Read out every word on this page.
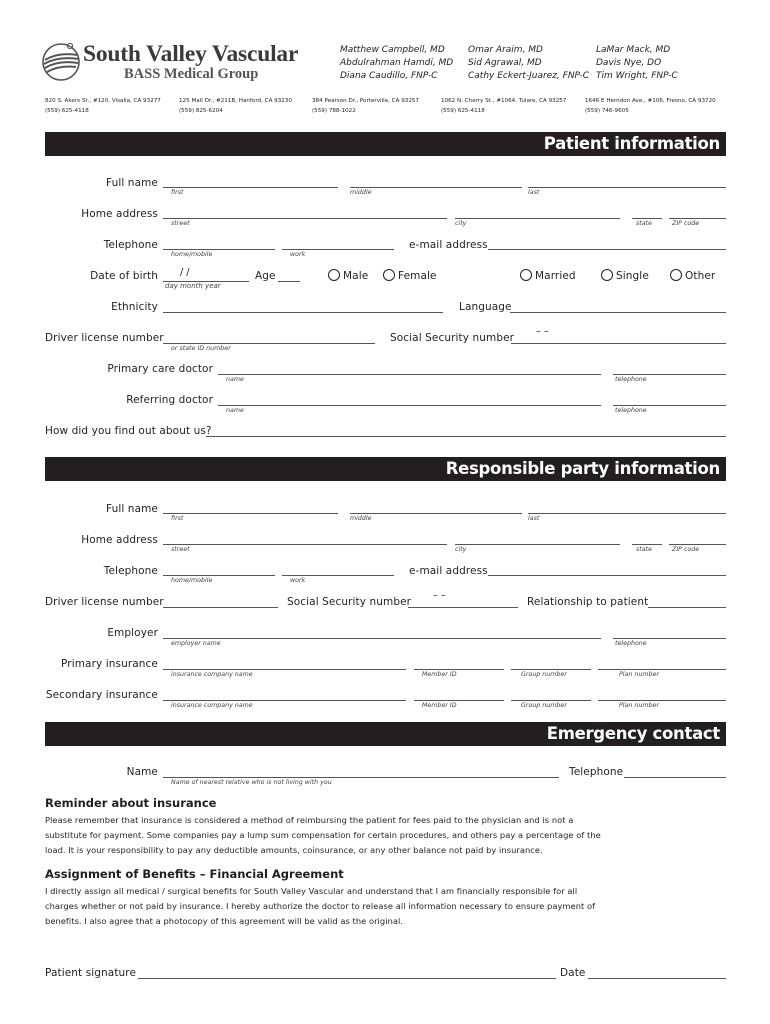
South Valley Vascular
BASS Medical Group
Matthew Campbell, MD
Abdulrahman Hamdi, MD
Diana Caudillo, FNP-C
Omar Araim, MD
Sid Agrawal, MD
Cathy Eckert-Juarez, FNP-C
LaMar Mack, MD
Davis Nye, DO
Tim Wright, FNP-C
820 S. Akers St., #120, Visalia, CA 93277
(559) 625-4118
125 Mall Dr., #211B, Hanford, CA 93230
(559) 825-6204
384 Pearson Dr., Porterville, CA 93257
(559) 788-1022
1062 N. Cherry St., #1064, Tulare, CA 93257
(559) 625-4118
1646 E Herndon Ave., #106, Fresno, CA 93720
(559) 746-9605
Patient information
Full name
first	middle	last
Home address
street	city	state	ZIP code
Telephone
home/mobile	work
e-mail address
Date of birth / /
day month year
Age	Male	Female	Married	Single	Other
Ethnicity	Language
Driver license number
or state ID number
Social Security number
– –
Primary care doctor
name	telephone
Referring doctor
name	telephone
How did you find out about us?
Responsible party information
Full name
first	middle	last
Home address
street	city	state	ZIP code
Telephone
home/mobile	work
e-mail address
Driver license number	Social Security number
– –
Relationship to patient
Employer
employer name	telephone
Primary insurance
insurance company name	Member ID	Group number	Plan number
Secondary insurance
insurance company name	Member ID	Group number	Plan number
Emergency contact
Name
Name of nearest relative who is not living with you
Telephone
Reminder about insurance
Please remember that insurance is considered a method of reimbursing the patient for fees paid to the physician and is not a
substitute for payment. Some companies pay a lump sum compensation for certain procedures, and others pay a percentage of the
load. It is your responsibility to pay any deductible amounts, coinsurance, or any other balance not paid by insurance.
Assignment of Benefits – Financial Agreement
I directly assign all medical / surgical benefits for South Valley Vascular and understand that I am financially responsible for all
charges whether or not paid by insurance. I hereby authorize the doctor to release all information necessary to ensure payment of
benefits. I also agree that a photocopy of this agreement will be valid as the original.
Patient signature	Date
